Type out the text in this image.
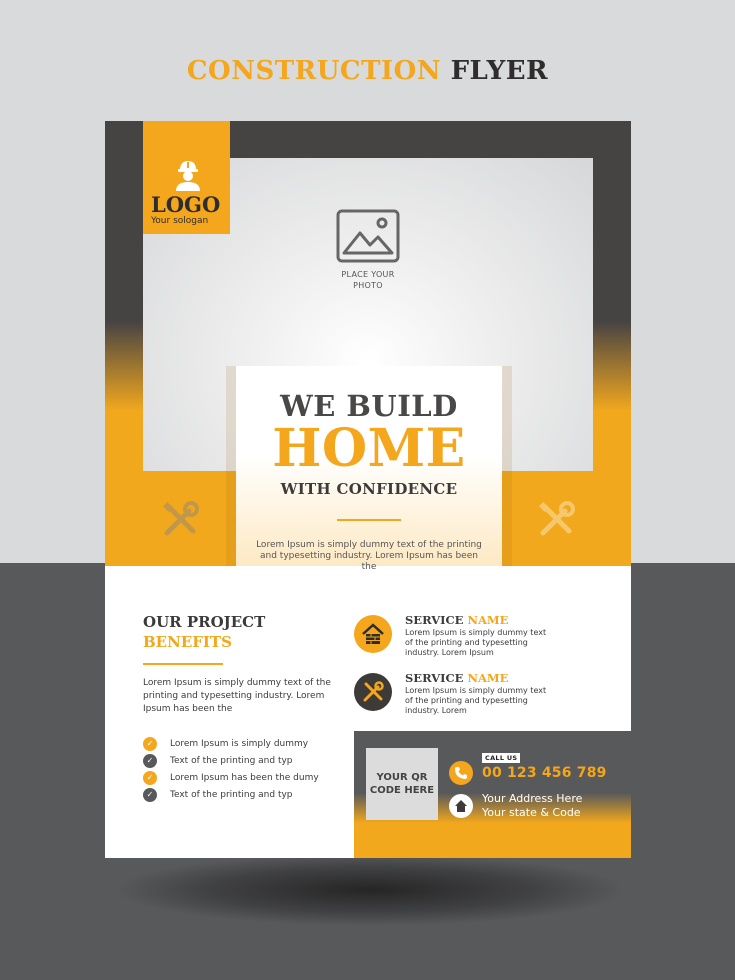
CONSTRUCTION FLYER
PLACE YOUR
PHOTO
LOGO
Your sologan
WE BUILD
HOME
WITH CONFIDENCE
Lorem Ipsum is simply dummy text of the printing and typesetting industry. Lorem Ipsum has been the
OUR PROJECT
BENEFITS
Lorem Ipsum is simply dummy text of the printing and typesetting industry. Lorem Ipsum has been the
✓	Lorem Ipsum is simply dummy
✓	Text of the printing and typ
✓	Lorem Ipsum has been the dumy
✓	Text of the printing and typ
SERVICE NAME
Lorem Ipsum is simply dummy text of the printing and typesetting industry. Lorem Ipsum
SERVICE NAME
Lorem Ipsum is simply dummy text of the printing and typesetting industry. Lorem
YOUR QR CODE HERE
CALL US
00 123 456 789
Your Address Here
Your state & Code
